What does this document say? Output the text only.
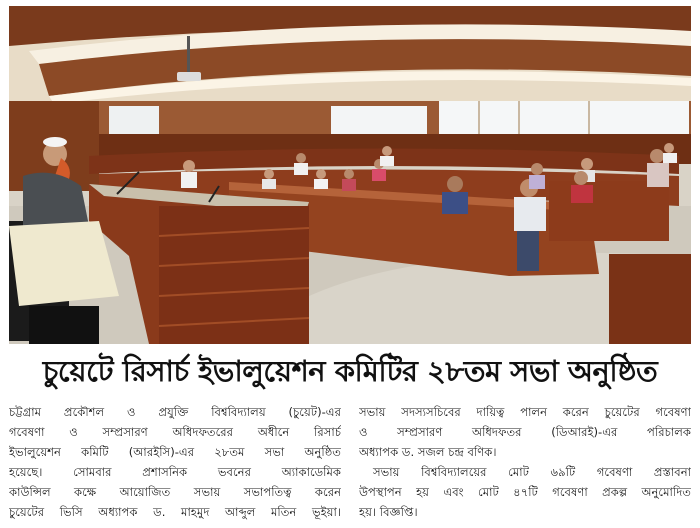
চুয়েটে রিসার্চ ইভালুয়েশন কমিটির ২৮তম সভা অনুষ্ঠিত
চট্টগ্রাম প্রকৌশল ও প্রযুক্তি বিশ্ববিদ্যালয় (চুয়েট)-এর
গবেষণা ও সম্প্রসারণ অধিদফতরের অধীনে রিসার্চ
ইভালুয়েশন কমিটি (আরইসি)-এর ২৮তম সভা অনুষ্ঠিত
হয়েছে। সোমবার প্রশাসনিক ভবনের অ্যাকাডেমিক
কাউন্সিল কক্ষে আয়োজিত সভায় সভাপতিত্ব করেন
চুয়েটের ভিসি অধ্যাপক ড. মাহমুদ আব্দুল মতিন ভূইয়া।
সভায় সদস্যসচিবের দায়িত্ব পালন করেন চুয়েটের গবেষণা
ও সম্প্রসারণ অধিদফতর (ডিআরই)-এর পরিচালক
অধ্যাপক ড. সজল চন্দ্র বণিক।
সভায় বিশ্ববিদ্যালয়ের মোট ৬৯টি গবেষণা প্রস্তাবনা
উপস্থাপন হয় এবং মোট ৪৭টি গবেষণা প্রকল্প অনুমোদিত
হয়। বিজ্ঞপ্তি।
